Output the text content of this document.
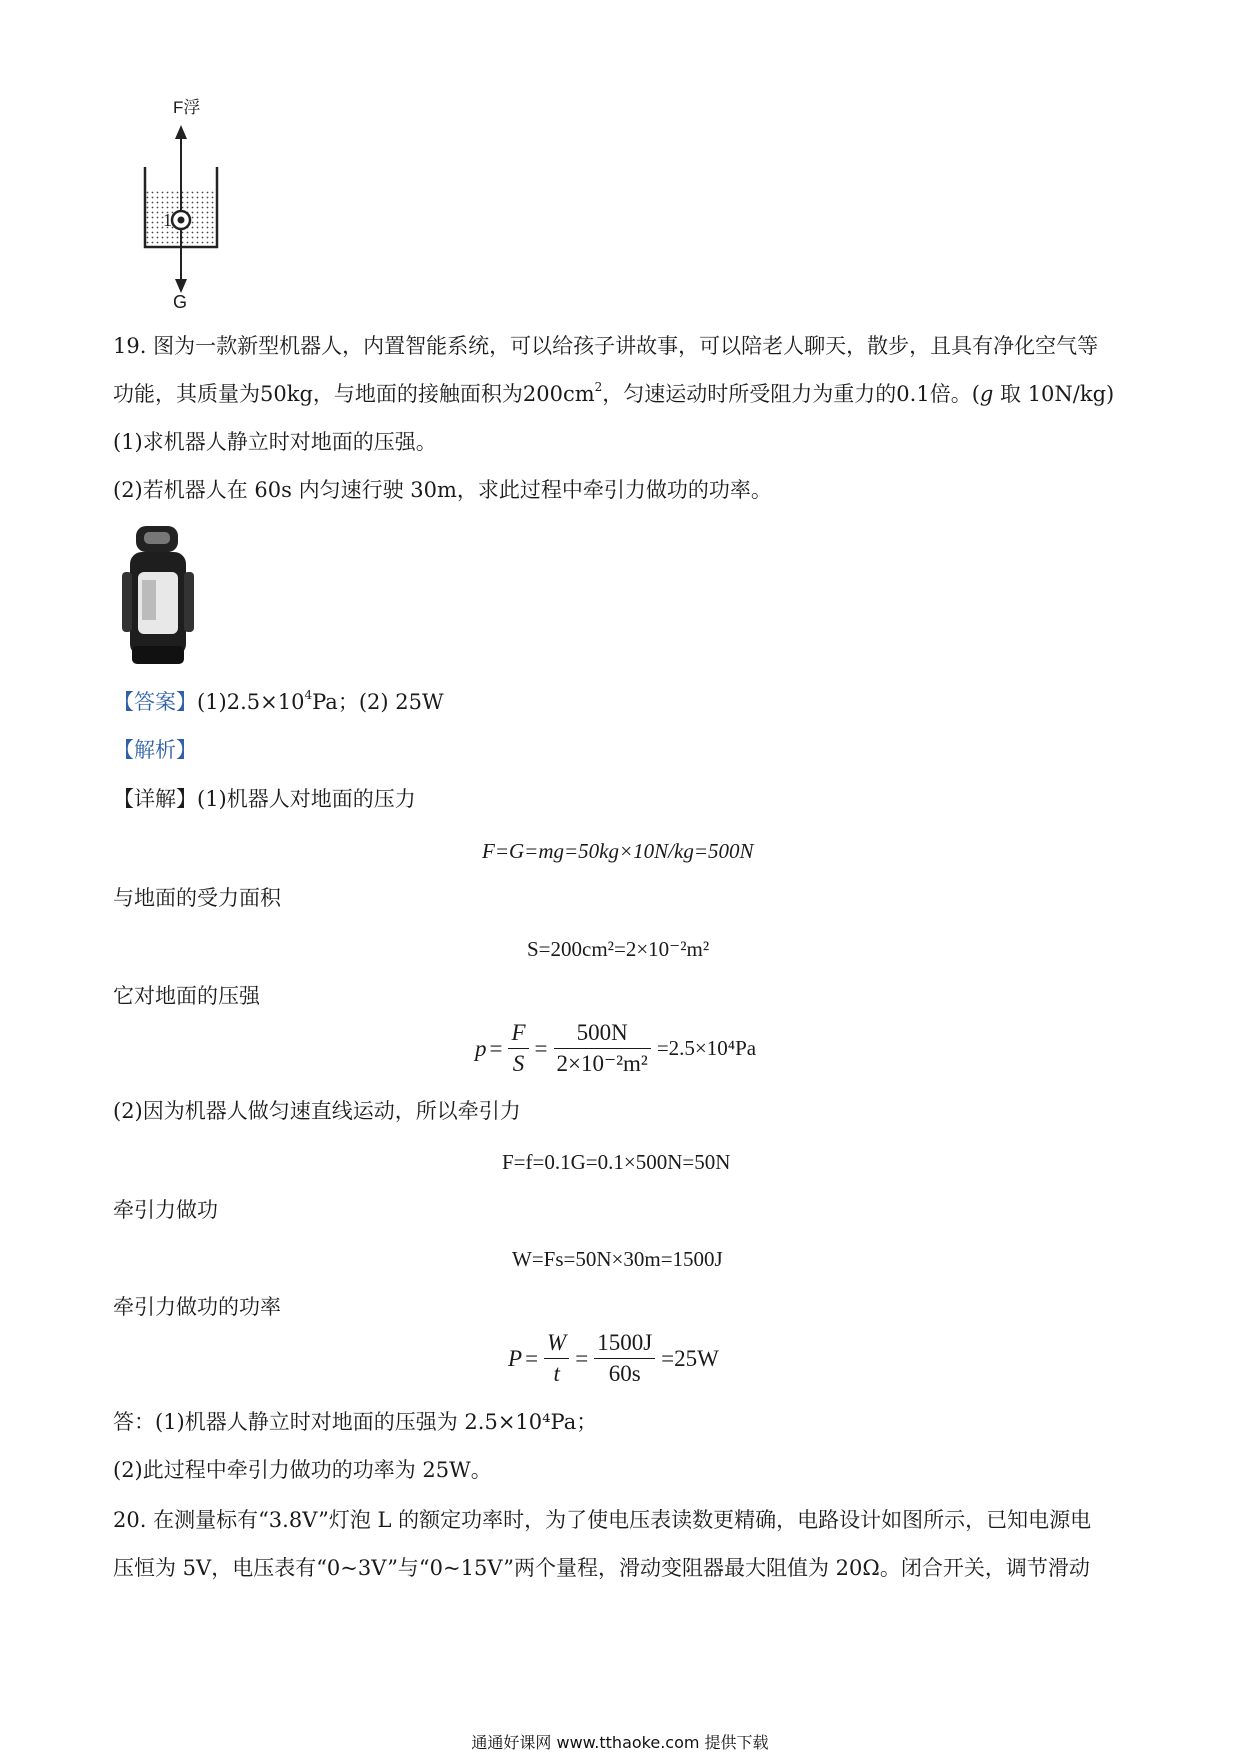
1
F浮
G
19. 图为一款新型机器人，内置智能系统，可以给孩子讲故事，可以陪老人聊天，散步，且具有净化空气等
功能，其质量为50kg，与地面的接触面积为$200cm^2$，匀速运动时所受阻力为重力的0.1倍。(g 取 10N/kg)
(1)求机器人静立时对地面的压强。
(2)若机器人在 60s 内匀速行驶 30m，求此过程中牵引力做功的功率。
【答案】$(1)2.5\times 10^4Pa$；(2) 25W
【解析】
【详解】(1)机器人对地面的压力
F=G=mg=50kg×10N/kg=500N
与地面的受力面积
S=200cm²=2×10⁻²m²
它对地面的压强
$p = \frac{F}{S} = \frac{500N}{\text{2×10⁻²m²}} =2.5\times 10^4Pa$
(2)因为机器人做匀速直线运动，所以牵引力
F=f=0.1G=0.1×500N=50N
牵引力做功
W=Fs=50N×30m=1500J
牵引力做功的功率
$P = \frac{W}{t} = \frac{1500J}{60s} =25W$
答：(1)机器人静立时对地面的压强为 2.5×10⁴Pa；
(2)此过程中牵引力做功的功率为 25W。
20. 在测量标有“3.8V”灯泡 L 的额定功率时，为了使电压表读数更精确，电路设计如图所示，已知电源电
压恒为 5V，电压表有“0~3V”与“0~15V”两个量程，滑动变阻器最大阻值为 20Ω。闭合开关，调节滑动
通通好课网 www.tthaoke.com 提供下载
